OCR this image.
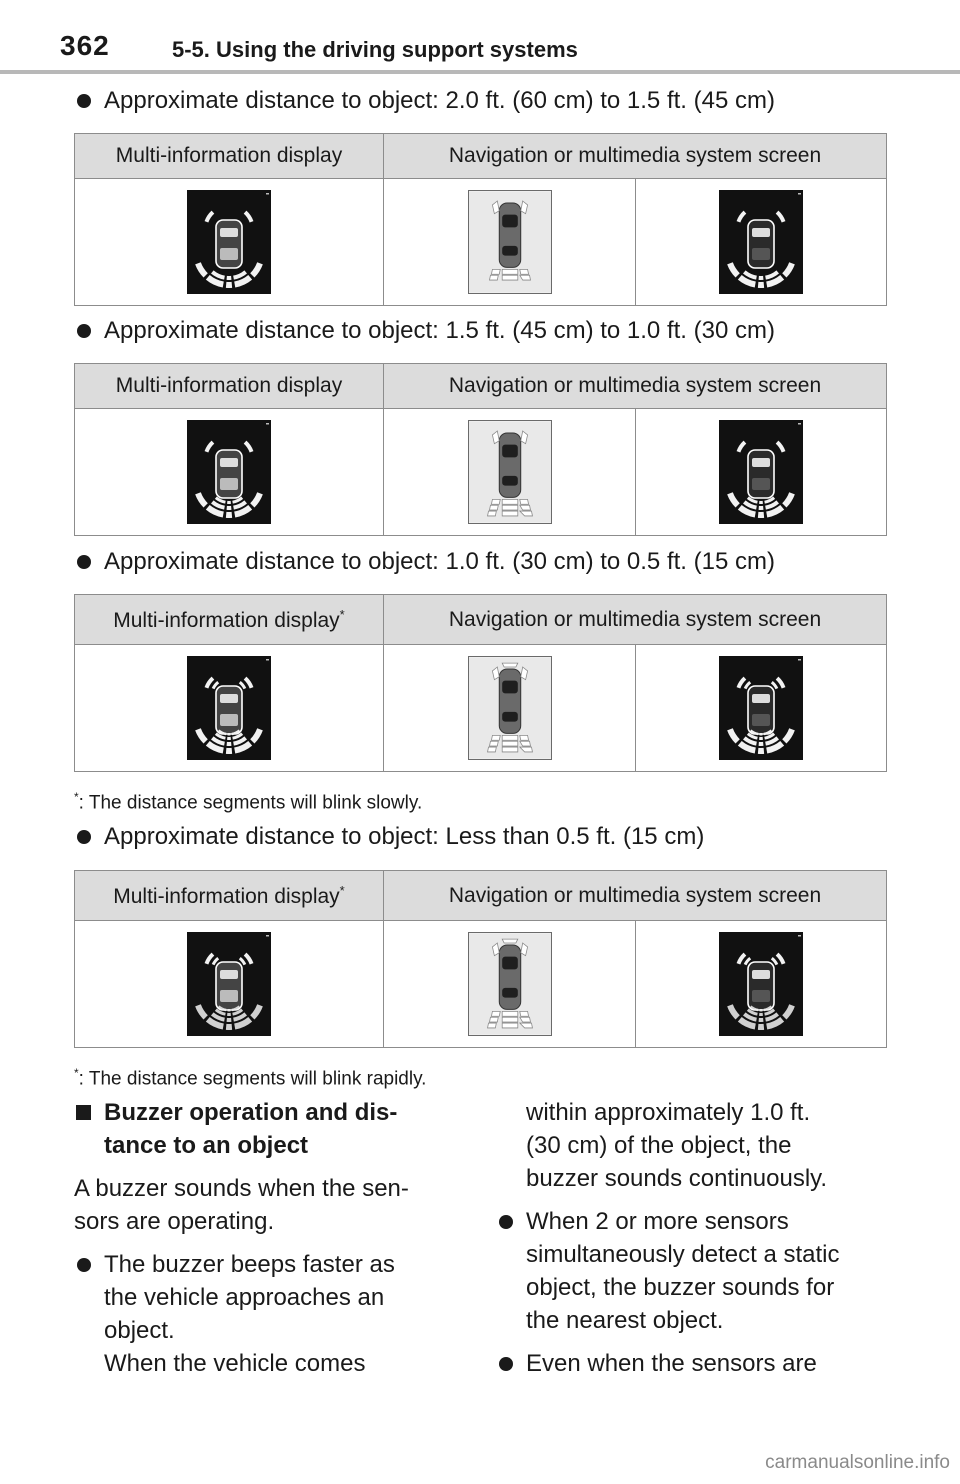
362	5-5. Using the driving support systems
Approximate distance to object: 2.0 ft. (60 cm) to 1.5 ft. (45 cm)
Multi-information display	Navigation or multimedia system screen	

Approximate distance to object: 1.5 ft. (45 cm) to 1.0 ft. (30 cm)
Multi-information display	Navigation or multimedia system screen	

Approximate distance to object: 1.0 ft. (30 cm) to 0.5 ft. (15 cm)
Multi-information display*	Navigation or multimedia system screen	

*: The distance segments will blink slowly.
Approximate distance to object: Less than 0.5 ft. (15 cm)
Multi-information display*	Navigation or multimedia system screen	

*: The distance segments will blink rapidly.
Buzzer operation and dis-
tance to an object
A buzzer sounds when the sen-
sors are operating.
The buzzer beeps faster as
the vehicle approaches an
object.
When the vehicle comes
within approximately 1.0 ft.
(30 cm) of the object, the
buzzer sounds continuously.
When 2 or more sensors
simultaneously detect a static
object, the buzzer sounds for
the nearest object.
Even when the sensors are
carmanualsonline.info
